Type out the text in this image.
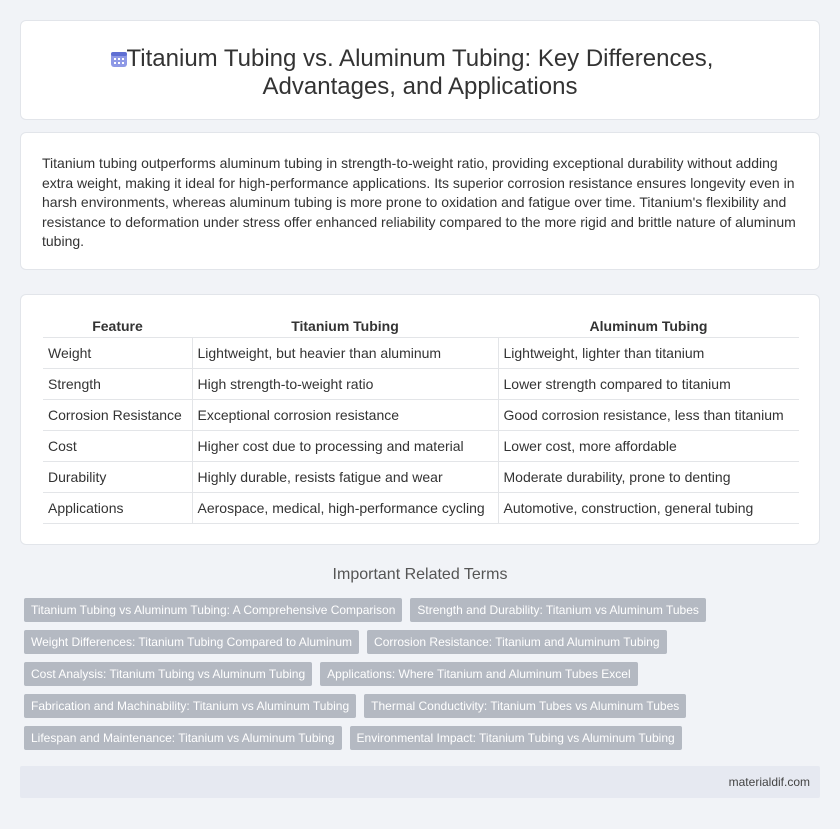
Titanium Tubing vs. Aluminum Tubing: Key Differences, Advantages, and Applications

Titanium tubing outperforms aluminum tubing in strength-to-weight ratio, providing exceptional durability without adding extra weight, making it ideal for high-performance applications. Its superior corrosion resistance ensures longevity even in harsh environments, whereas aluminum tubing is more prone to oxidation and fatigue over time. Titanium's flexibility and resistance to deformation under stress offer enhanced reliability compared to the more rigid and brittle nature of aluminum tubing.

Feature	Titanium Tubing	Aluminum Tubing
Weight	Lightweight, but heavier than aluminum	Lightweight, lighter than titanium
Strength	High strength-to-weight ratio	Lower strength compared to titanium
Corrosion Resistance	Exceptional corrosion resistance	Good corrosion resistance, less than titanium
Cost	Higher cost due to processing and material	Lower cost, more affordable
Durability	Highly durable, resists fatigue and wear	Moderate durability, prone to denting
Applications	Aerospace, medical, high-performance cycling	Automotive, construction, general tubing
Important Related Terms
Titanium Tubing vs Aluminum Tubing: A Comprehensive Comparison	Strength and Durability: Titanium vs Aluminum Tubes
Weight Differences: Titanium Tubing Compared to Aluminum	Corrosion Resistance: Titanium and Aluminum Tubing
Cost Analysis: Titanium Tubing vs Aluminum Tubing	Applications: Where Titanium and Aluminum Tubes Excel
Fabrication and Machinability: Titanium vs Aluminum Tubing	Thermal Conductivity: Titanium Tubes vs Aluminum Tubes
Lifespan and Maintenance: Titanium vs Aluminum Tubing	Environmental Impact: Titanium Tubing vs Aluminum Tubing
materialdif.com
